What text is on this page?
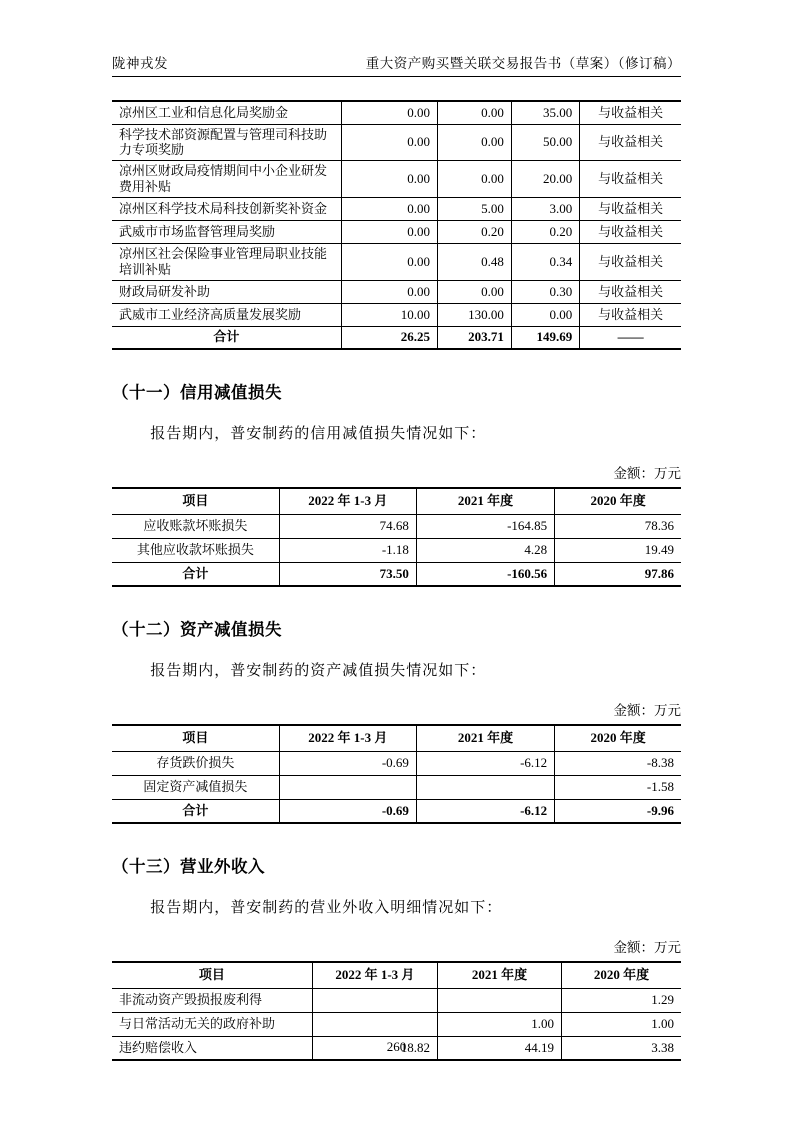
陇神戎发	重大资产购买暨关联交易报告书（草案）（修订稿）
凉州区工业和信息化局奖励金	0.00	0.00	35.00	与收益相关
科学技术部资源配置与管理司科技助力专项奖励	0.00	0.00	50.00	与收益相关
凉州区财政局疫情期间中小企业研发费用补贴	0.00	0.00	20.00	与收益相关
凉州区科学技术局科技创新奖补资金	0.00	5.00	3.00	与收益相关
武威市市场监督管理局奖励	0.00	0.20	0.20	与收益相关
凉州区社会保险事业管理局职业技能培训补贴	0.00	0.48	0.34	与收益相关
财政局研发补助	0.00	0.00	0.30	与收益相关
武威市工业经济高质量发展奖励	10.00	130.00	0.00	与收益相关
合计	26.25	203.71	149.69	——
（十一）信用减值损失

报告期内，普安制药的信用减值损失情况如下：

金额：万元
项目	2022 年 1-3 月	2021 年度	2020 年度
应收账款坏账损失	74.68	-164.85	78.36
其他应收款坏账损失	-1.18	4.28	19.49
合计	73.50	-160.56	97.86
（十二）资产减值损失

报告期内，普安制药的资产减值损失情况如下：

金额：万元
项目	2022 年 1-3 月	2021 年度	2020 年度
存货跌价损失	-0.69	-6.12	-8.38
固定资产减值损失			-1.58
合计	-0.69	-6.12	-9.96
（十三）营业外收入

报告期内，普安制药的营业外收入明细情况如下：

金额：万元
项目	2022 年 1-3 月	2021 年度	2020 年度
非流动资产毁损报废利得			1.29
与日常活动无关的政府补助		1.00	1.00
违约赔偿收入	18.82	44.19	3.38
260
